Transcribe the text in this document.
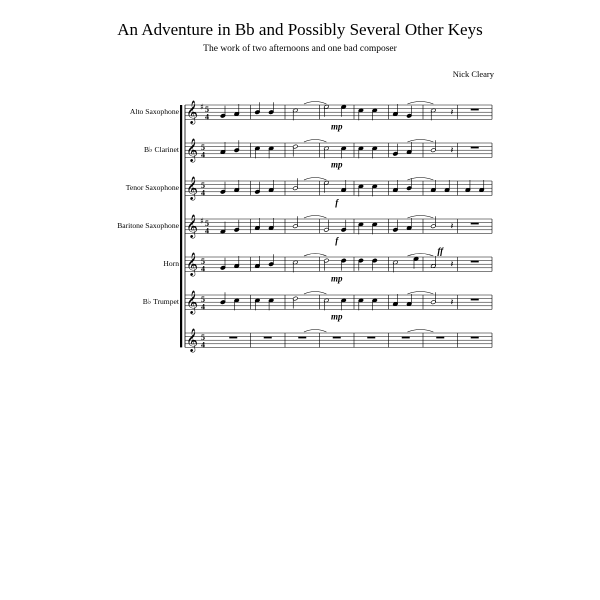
An Adventure in Bb and Possibly Several Other Keys
The work of two afternoons and one bad composer
Nick Cleary
Alto Saxophone 𝄞 ♯ 5
4	𝄽
mp
B♭ Clarinet 𝄞 5
4	𝄽
mp
Tenor Saxophone 𝄞 5
4
f
Baritone Saxophone 𝄞 ♯ 5
4	𝄽
f
Horn 𝄞 5
4	𝄽
mp
ff
B♭ Trumpet 𝄞 5
4	𝄽
mp
𝄞 5
4
